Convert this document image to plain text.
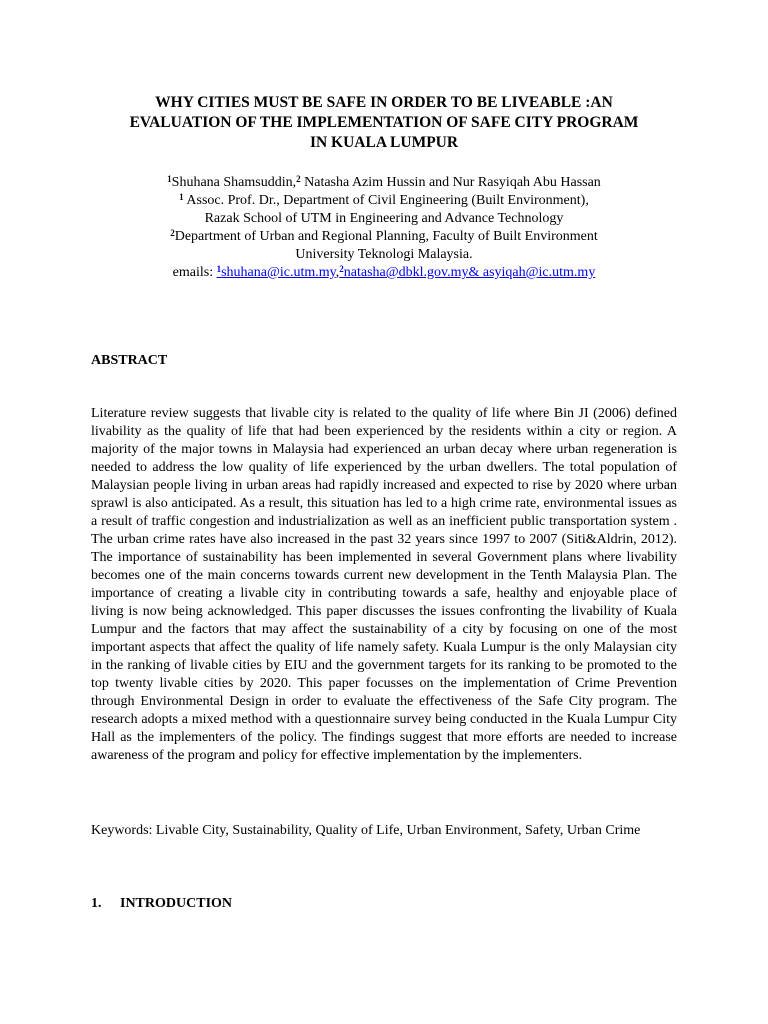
WHY CITIES MUST BE SAFE IN ORDER TO BE LIVEABLE :AN
EVALUATION OF THE IMPLEMENTATION OF SAFE CITY PROGRAM
IN KUALA LUMPUR
$^1$Shuhana Shamsuddin,$^2$ Natasha Azim Hussin and Nur Rasyiqah Abu Hassan
$^1$ Assoc. Prof. Dr., Department of Civil Engineering (Built Environment),
Razak School of UTM in Engineering and Advance Technology
$^2$Department of Urban and Regional Planning, Faculty of Built Environment
University Teknologi Malaysia.
emails: $^1$shuhana@ic.utm.my,$^2$natasha@dbkl.gov.my& asyiqah@ic.utm.my
ABSTRACT

Literature review suggests that livable city is related to the quality of life where Bin JI (2006) defined livability as the quality of life that had been experienced by the residents within a city or region. A majority of the major towns in Malaysia had experienced an urban decay where urban regeneration is needed to address the low quality of life experienced by the urban dwellers. The total population of Malaysian people living in urban areas had rapidly increased and expected to rise by 2020 where urban sprawl is also anticipated. As a result, this situation has led to a high crime rate, environmental issues as a result of traffic congestion and industrialization as well as an inefficient public transportation system . The urban crime rates have also increased in the past 32 years since 1997 to 2007 (Siti&Aldrin, 2012). The importance of sustainability has been implemented in several Government plans where livability becomes one of the main concerns towards current new development in the Tenth Malaysia Plan. The importance of creating a livable city in contributing towards a safe, healthy and enjoyable place of living is now being acknowledged. This paper discusses the issues confronting the livability of Kuala Lumpur and the factors that may affect the sustainability of a city by focusing on one of the most important aspects that affect the quality of life namely safety. Kuala Lumpur is the only Malaysian city in the ranking of livable cities by EIU and the government targets for its ranking to be promoted to the top twenty livable cities by 2020. This paper focusses on the implementation of Crime Prevention through Environmental Design in order to evaluate the effectiveness of the Safe City program. The research adopts a mixed method with a questionnaire survey being conducted in the Kuala Lumpur City Hall as the implementers of the policy. The findings suggest that more efforts are needed to increase awareness of the program and policy for effective implementation by the implementers.

Keywords: Livable City, Sustainability, Quality of Life, Urban Environment, Safety, Urban Crime

1. INTRODUCTION
